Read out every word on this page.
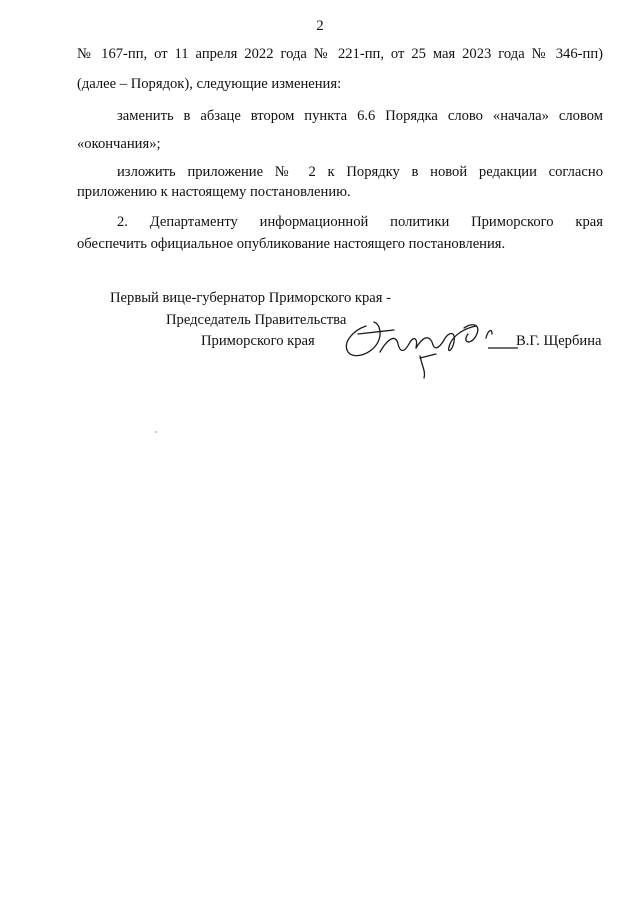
2
№ 167-пп, от 11 апреля 2022 года № 221-пп, от 25 мая 2023 года № 346-пп)
(далее – Порядок), следующие изменения:
заменить в абзаце втором пункта 6.6 Порядка слово «начала» словом
«окончания»;
изложить приложение № 2 к Порядку в новой редакции согласно
приложению к настоящему постановлению.
2. Департаменту информационной политики Приморского края
обеспечить официальное опубликование настоящего постановления.
Первый вице-губернатор Приморского края -
Председатель Правительства
Приморского края	В.Г. Щербина
